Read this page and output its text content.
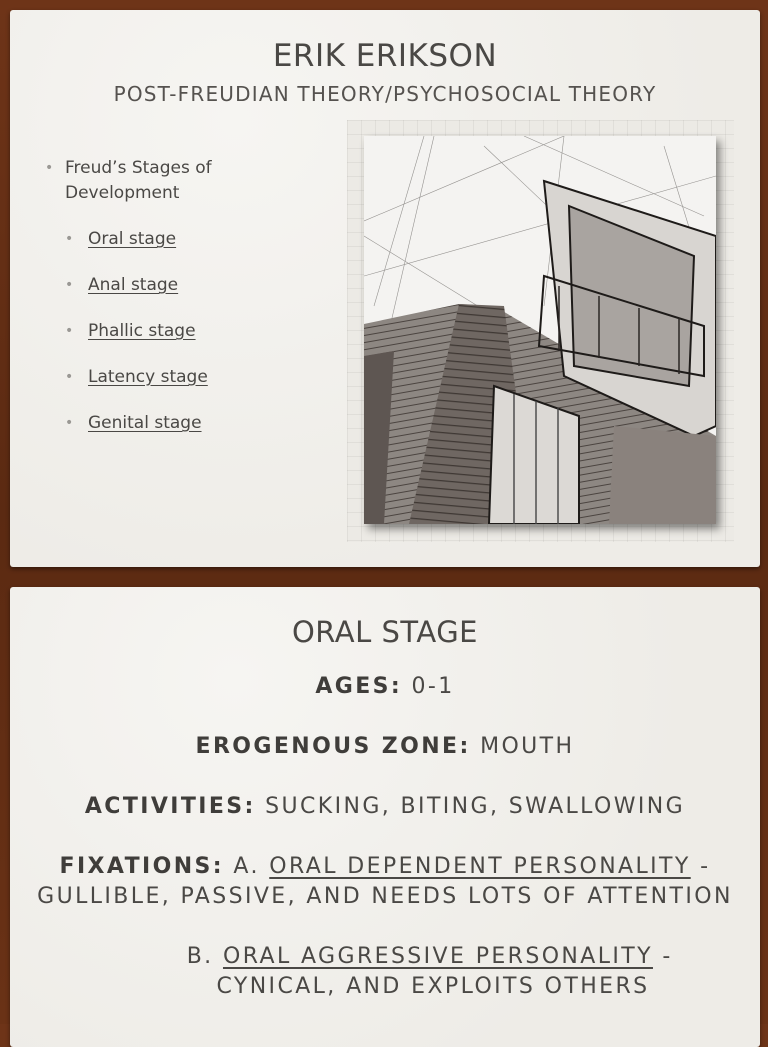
ERIK ERIKSON
POST-FREUDIAN THEORY/PSYCHOSOCIAL THEORY
• Freud’s Stages of
Development
• Oral stage
• Anal stage
• Phallic stage
• Latency stage
• Genital stage
ORAL STAGE
AGES: 0-1
EROGENOUS ZONE: MOUTH
ACTIVITIES: SUCKING, BITING, SWALLOWING
FIXATIONS: A. ORAL DEPENDENT PERSONALITY -
GULLIBLE, PASSIVE, AND NEEDS LOTS OF ATTENTION
B. ORAL AGGRESSIVE PERSONALITY -
CYNICAL, AND EXPLOITS OTHERS
